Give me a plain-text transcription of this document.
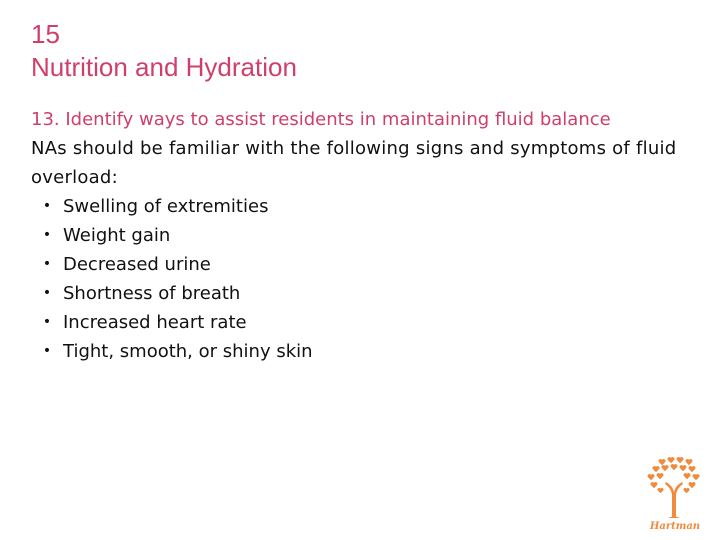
15
Nutrition and Hydration
13. Identify ways to assist residents in maintaining fluid balance
NAs should be familiar with the following signs and symptoms of fluid overload:
• Swelling of extremities
• Weight gain
• Decreased urine
• Shortness of breath
• Increased heart rate
• Tight, smooth, or shiny skin
Hartman
